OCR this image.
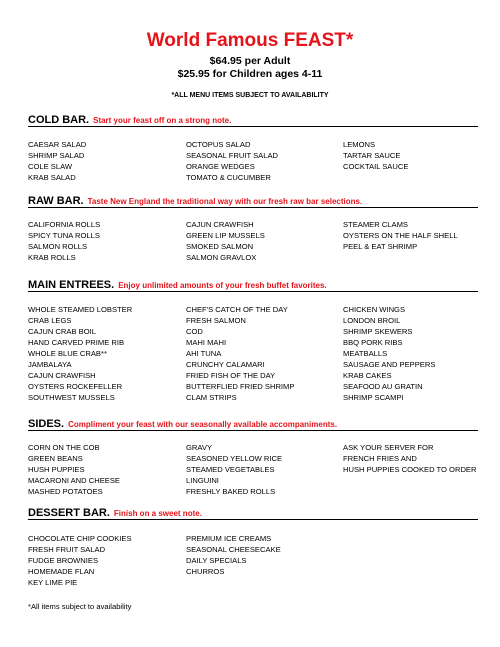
World Famous FEAST*
$64.95 per Adult
$25.95 for Children ages 4-11
*ALL MENU ITEMS SUBJECT TO AVAILABILITY
COLD BAR. Start your feast off on a strong note.
CAESAR SALAD
SHRIMP SALAD
COLE SLAW
KRAB SALAD
OCTOPUS SALAD
SEASONAL FRUIT SALAD
ORANGE WEDGES
TOMATO & CUCUMBER
LEMONS
TARTAR SAUCE
COCKTAIL SAUCE
RAW BAR. Taste New England the traditional way with our fresh raw bar selections.
CALIFORNIA ROLLS
SPICY TUNA ROLLS
SALMON ROLLS
KRAB ROLLS
CAJUN CRAWFISH
GREEN LIP MUSSELS
SMOKED SALMON
SALMON GRAVLOX
STEAMER CLAMS
OYSTERS ON THE HALF SHELL
PEEL & EAT SHRIMP
MAIN ENTREES. Enjoy unlimited amounts of your fresh buffet favorites.
WHOLE STEAMED LOBSTER
CRAB LEGS
CAJUN CRAB BOIL
HAND CARVED PRIME RIB
WHOLE BLUE CRAB**
JAMBALAYA
CAJUN CRAWFISH
OYSTERS ROCKEFELLER
SOUTHWEST MUSSELS
CHEF'S CATCH OF THE DAY
FRESH SALMON
COD
MAHI MAHI
AHI TUNA
CRUNCHY CALAMARI
FRIED FISH OF THE DAY
BUTTERFLIED FRIED SHRIMP
CLAM STRIPS
CHICKEN WINGS
LONDON BROIL
SHRIMP SKEWERS
BBQ PORK RIBS
MEATBALLS
SAUSAGE AND PEPPERS
KRAB CAKES
SEAFOOD AU GRATIN
SHRIMP SCAMPI
SIDES. Compliment your feast with our seasonally available accompaniments.
CORN ON THE COB
GREEN BEANS
HUSH PUPPIES
MACARONI AND CHEESE
MASHED POTATOES
GRAVY
SEASONED YELLOW RICE
STEAMED VEGETABLES
LINGUINI
FRESHLY BAKED ROLLS
ASK YOUR SERVER FOR
FRENCH FRIES AND
HUSH PUPPIES COOKED TO ORDER
DESSERT BAR. Finish on a sweet note.
CHOCOLATE CHIP COOKIES
FRESH FRUIT SALAD
FUDGE BROWNIES
HOMEMADE FLAN
KEY LIME PIE
PREMIUM ICE CREAMS
SEASONAL CHEESECAKE
DAILY SPECIALS
CHURROS
*All items subject to availability
